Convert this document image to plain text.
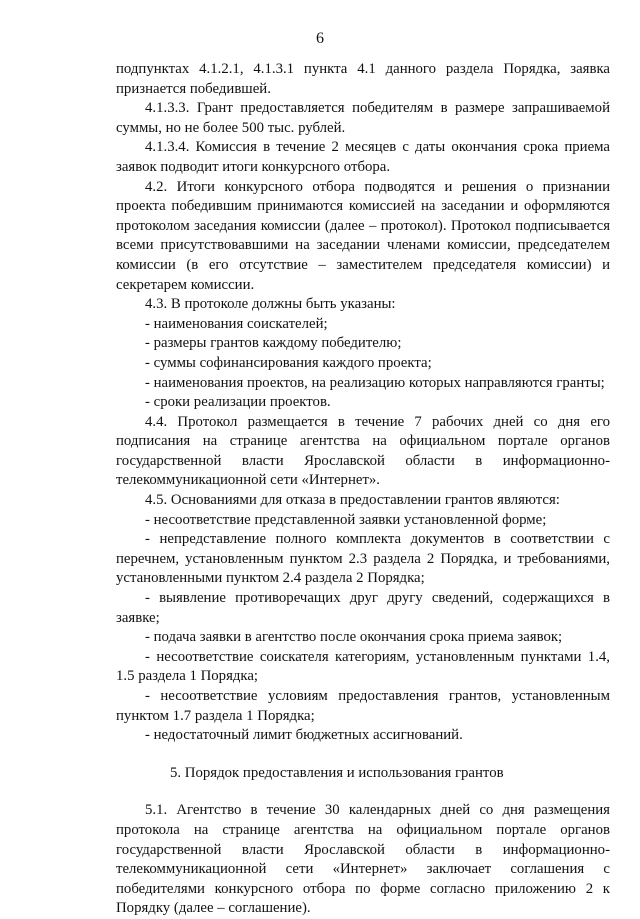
6

подпунктах 4.1.2.1, 4.1.3.1 пункта 4.1 данного раздела Порядка, заявка признается победившей.

4.1.3.3. Грант предоставляется победителям в размере запрашиваемой суммы, но не более 500 тыс. рублей.

4.1.3.4. Комиссия в течение 2 месяцев с даты окончания срока приема заявок подводит итоги конкурсного отбора.

4.2. Итоги конкурсного отбора подводятся и решения о признании проекта победившим принимаются комиссией на заседании и оформляются протоколом заседания комиссии (далее – протокол). Протокол подписывается всеми присутствовавшими на заседании членами комиссии, председателем комиссии (в его отсутствие – заместителем председателя комиссии) и секретарем комиссии.

4.3. В протоколе должны быть указаны:

- наименования соискателей;

- размеры грантов каждому победителю;

- суммы софинансирования каждого проекта;

- наименования проектов, на реализацию которых направляются гранты;

- сроки реализации проектов.

4.4. Протокол размещается в течение 7 рабочих дней со дня его подписания на странице агентства на официальном портале органов государственной власти Ярославской области в информационно-телекоммуникационной сети «Интернет».

4.5. Основаниями для отказа в предоставлении грантов являются:

- несоответствие представленной заявки установленной форме;

- непредставление полного комплекта документов в соответствии с перечнем, установленным пунктом 2.3 раздела 2 Порядка, и требованиями, установленными пунктом 2.4 раздела 2 Порядка;

- выявление противоречащих друг другу сведений, содержащихся в заявке;

- подача заявки в агентство после окончания срока приема заявок;

- несоответствие соискателя категориям, установленным пунктами 1.4, 1.5 раздела 1 Порядка;

- несоответствие условиям предоставления грантов, установленным пунктом 1.7 раздела 1 Порядка;

- недостаточный лимит бюджетных ассигнований.

5. Порядок предоставления и использования грантов

5.1. Агентство в течение 30 календарных дней со дня размещения протокола на странице агентства на официальном портале органов государственной власти Ярославской области в информационно-телекоммуникационной сети «Интернет» заключает соглашения с победителями конкурсного отбора по форме согласно приложению 2 к Порядку (далее – соглашение).
